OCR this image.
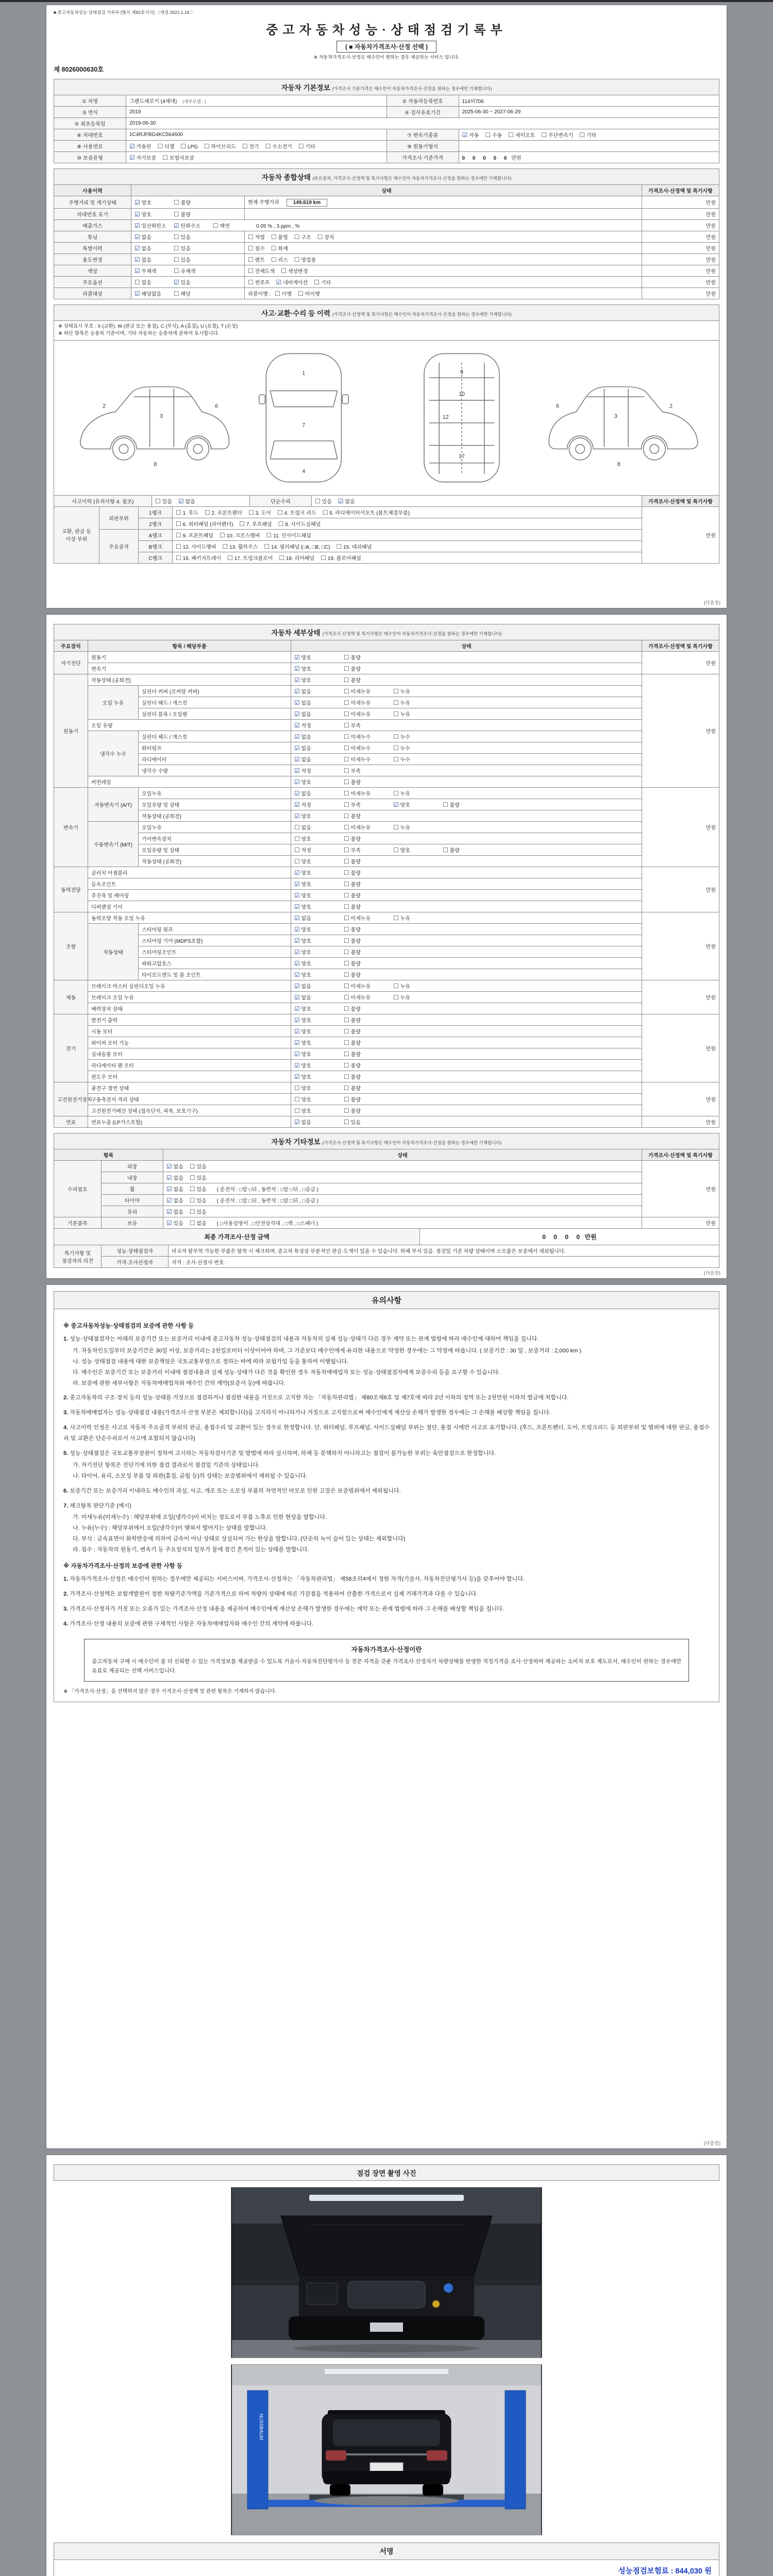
■ 중고자동차성능·상태점검 기록부 [별지 제82호서식] 〈개정 2021.1.19.〉
중고자동차성능·상태점검기록부
( ■ 자동차가격조사·산정 선택 )
※ 자동차가격조사·산정은 매수인이 원하는 경우 제공하는 서비스 입니다.
제 8026000630호
자동차 기본정보 (가격조사 기준가격은 매수인이 자동차가격조사·산정을 원하는 경우에만 기재합니다)
① 차명	그랜드체로키 (4세대) (세부모델 : )	② 자동차등록번호	114허706
③ 연식	2019	④ 검사유효기간	2025-06-30 ~ 2027-06-29
⑤ 최초등록일	2019-06-30		
⑥ 차대번호	1C4RJFBG4KC564600	⑦ 변속기종류	☑ 자동 ☐ 수동 ☐ 세미오토 ☐ 무단변속기 ☐ 기타
⑧ 사용연료	☑ 가솔린 ☐ 디젤 ☐ LPG ☐ 하이브리드 ☐ 전기 ☐ 수소전기 ☐ 기타	⑨ 원동기형식	
⑩ 보증유형	☑ 자가보증 ☐ 보험사보증	가격조사 기준가격	0 0 0 0 0 만원
자동차 종합상태 (주요장치, 가격조사·산정액 및 특기사항은 매수인이 자동차가격조사·산정을 원하는 경우에만 기재합니다)
사용이력	상태		가격조사·산정액 및 특기사항
주행거리 및 계기상태	☑ 양호 ☐ 불량	현재 주행거리 149,619 km	만원
차대번호 표기	☑ 양호 ☐ 불량		만원
배출가스	☑ 일산화탄소 ☑ 탄화수소 ☐ 매연 0.05 % , 3 ppm , %		만원
튜닝	☑ 없음 ☐ 있음	☐ 적법 ☐ 불법 ☐ 구조 ☐ 장치	만원
특별이력	☑ 없음 ☐ 있음	☐ 침수 ☐ 화재	만원
용도변경	☑ 없음 ☐ 있음	☐ 렌트 ☐ 리스 ☐ 영업용	만원
색상	☑ 무채색 ☐ 유채색	☐ 전체도색 ☐ 색상변경	만원
주요옵션	☐ 없음 ☑ 있음	☐ 썬루프 ☑ 네비게이션 ☐ 기타	만원
리콜대상	☑ 해당없음 ☐ 해당	리콜이행 : ☐ 이행 ☐ 미이행	만원
사고·교환·수리 등 이력 (가격조사·산정액 및 특기사항은 매수인이 자동차가격조사·산정을 원하는 경우에만 기재합니다)
※ 상태표시 부호 : X (교환), W (판금 또는 용접), C (부식), A (흠집), U (요철), T (손상)
※ 하단 항목은 승용차 기준이며, 기타 자동차는 승용차에 준하여 표시합니다.
2
3
6
8
1
7
4
9
10
12
17
2
3
6
8
사고이력 (유의사항 4. 참조)	☐ 있음 ☑ 없음	단순수리	☐ 있음 ☑ 없음	가격조사·산정액 및 특기사항
교환, 판금 등 이상 부위	외판부위	1랭크	☐ 1. 후드 ☐ 2. 프론트펜더 ☐ 3. 도어 ☐ 4. 트렁크 리드 ☐ 5. 라디에이터서포트 (볼트체결부품)	만원
		2랭크	☐ 6. 쿼터패널 (리어펜더) ☐ 7. 루프패널 ☐ 8. 사이드실패널	
	주요골격	A랭크	☐ 9. 프론트패널 ☐ 10. 크로스멤버 ☐ 11. 인사이드패널	
		B랭크	☐ 12. 사이드멤버 ☐ 13. 휠하우스 ☐ 14. 필러패널 (□A, □B, □C) ☐ 15. 대쉬패널	
		C랭크	☐ 16. 패키지트레이 ☐ 17. 트렁크플로어 ☐ 18. 리어패널 ☐ 19. 플로어패널	
(다음장)
자동차 세부상태 (가격조사·산정액 및 특기사항은 매수인이 자동차가격조사·산정을 원하는 경우에만 기재합니다)
주요장치	항목 / 해당부품		상태	가격조사·산정액 및 특기사항
자기진단	원동기		☑ 양호 ☐ 불량	만원
	변속기		☑ 양호 ☐ 불량	
원동기	작동상태 (공회전)		☑ 양호 ☐ 불량	만원
	오일 누유	실린더 커버 (로커암 커버)	☑ 없음 ☐ 미세누유 ☐ 누유	
		실린더 헤드 / 개스킷	☑ 없음 ☐ 미세누유 ☐ 누유	
		실린더 블록 / 오일팬	☑ 없음 ☐ 미세누유 ☐ 누유	
	오일 유량		☑ 적정 ☐ 부족	
	냉각수 누수	실린더 헤드 / 개스킷	☑ 없음 ☐ 미세누수 ☐ 누수	
		워터펌프	☑ 없음 ☐ 미세누수 ☐ 누수	
		라디에이터	☑ 없음 ☐ 미세누수 ☐ 누수	
		냉각수 수량	☑ 적정 ☐ 부족	
	커먼레일		☑ 양호 ☐ 불량	
변속기	자동변속기 (A/T)	오일누유	☑ 없음 ☐ 미세누유 ☐ 누유	만원
		오일유량 및 상태	☑ 적정 ☐ 부족 ☑ 양호 ☐ 불량	
		작동상태 (공회전)	☑ 양호 ☐ 불량	
	수동변속기 (M/T)	오일누유	☐ 없음 ☐ 미세누유 ☐ 누유	
		기어변속장치	☐ 양호 ☐ 불량	
		오일유량 및 상태	☐ 적정 ☐ 부족 ☐ 양호 ☐ 불량	
		작동상태 (공회전)	☐ 양호 ☐ 불량	
동력전달	클러치 어셈블리		☑ 양호 ☐ 불량	만원
	등속조인트		☑ 양호 ☐ 불량	
	추진축 및 베어링		☑ 양호 ☐ 불량	
	디퍼렌셜 기어		☑ 양호 ☐ 불량	
조향	동력조향 작동 오일 누유		☑ 없음 ☐ 미세누유 ☐ 누유	만원
	작동상태	스티어링 펌프	☑ 양호 ☐ 불량	
		스티어링 기어 (MDPS포함)	☑ 양호 ☐ 불량	
		스티어링조인트	☑ 양호 ☐ 불량	
		파워고압호스	☑ 양호 ☐ 불량	
		타이로드엔드 및 볼 조인트	☑ 양호 ☐ 불량	
제동	브레이크 마스터 실린더오일 누유		☑ 없음 ☐ 미세누유 ☐ 누유	만원
	브레이크 오일 누유		☑ 없음 ☐ 미세누유 ☐ 누유	
	배력장치 상태		☑ 양호 ☐ 불량	
전기	발전기 출력		☑ 양호 ☐ 불량	만원
	시동 모터		☑ 양호 ☐ 불량	
	와이퍼 모터 기능		☑ 양호 ☐ 불량	
	실내송풍 모터		☑ 양호 ☐ 불량	
	라디에이터 팬 모터		☑ 양호 ☐ 불량	
	윈도우 모터		☑ 양호 ☐ 불량	
고전원전기장치	충전구 절연 상태		☐ 양호 ☐ 불량	만원
	구동축전지 격리 상태		☐ 양호 ☐ 불량	
	고전원전기배선 상태 (접속단자, 피복, 보호기구)		☐ 양호 ☐ 불량	
연료	연료누출 (LP가스포함)		☑ 없음 ☐ 있음	만원
자동차 기타정보 (가격조사·산정액 및 특기사항은 매수인이 자동차가격조사·산정을 원하는 경우에만 기재합니다)
항목		상태	가격조사·산정액 및 특기사항
수리필요	외장	☑ 없음 ☐ 있음	만원
	내장	☑ 없음 ☐ 있음	
	휠	☑ 없음 ☐ 있음 ( 운전석 : □앞 □뒤 , 동반석 : □앞 □뒤 , □응급 )	
	타이어	☑ 없음 ☐ 있음 ( 운전석 : □앞 □뒤 , 동반석 : □앞 □뒤 , □응급 )	
	유리	☑ 없음 ☐ 있음	
기본품목	보유	☑ 있음 ☐ 없음 ( □사용설명서 , □안전삼각대 , □잭 , □스패너 )	만원
최종 가격조사·산정 금액	0 0 0 0 만원
특기사항 및 점검자의 의견	성능·상태점검자	비교적 탈부착 가능한 부품은 탈착 시 체크하며, 중고차 특성상 부분적인 판금·도색이 있을 수 있습니다. 하체 부식 있음. 점검일 기준 차량 상태이며 소모품은 보증에서 제외됩니다.
	가격·조사산정자	자격 : 조사·산정사 번호 :
(다음장)
유의사항
※ 중고자동차성능·상태점검의 보증에 관한 사항 등
1. 성능·상태점검자는 아래의 보증기간 또는 보증거리 이내에 중고자동차 성능·상태점검의 내용과 자동차의 실제 성능·상태가 다른 경우 계약 또는 관계 법령에 따라 매수인에 대하여 책임을 집니다.
가. 자동차인도일부터 보증기간은 30일 이상, 보증거리는 2천킬로미터 이상이어야 하며, 그 기준보다 매수인에게 유리한 내용으로 약정한 경우에는 그 약정에 따릅니다. ( 보증기간 : 30 일 , 보증거리 : 2,000 km )
나. 성능·상태점검 내용에 대한 보증책임은 국토교통부령으로 정하는 바에 따라 보험가입 등을 통하여 이행됩니다.
다. 매수인은 보증기간 또는 보증거리 이내에 점검내용과 실제 성능·상태가 다른 것을 확인한 경우 자동차매매업자 또는 성능·상태점검자에게 보증수리 등을 요구할 수 있습니다.
라. 보증에 관한 세부사항은 자동차매매업자와 매수인 간의 계약(보증서 등)에 따릅니다.
2. 중고자동차의 구조·장치 등의 성능·상태를 거짓으로 점검하거나 점검한 내용을 거짓으로 고지한 자는 「자동차관리법」 제80조제6호 및 제7호에 따라 2년 이하의 징역 또는 2천만원 이하의 벌금에 처합니다.
3. 자동차매매업자는 성능·상태점검 내용(가격조사·산정 부분은 제외합니다)을 고지하지 아니하거나 거짓으로 고지함으로써 매수인에게 재산상 손해가 발생한 경우에는 그 손해를 배상할 책임을 집니다.
4. 사고이력 인정은 사고로 자동차 주요골격 부위의 판금, 용접수리 및 교환이 있는 경우로 한정합니다. 단, 쿼터패널, 루프패널, 사이드실패널 부위는 절단, 용접 시에만 사고로 표기합니다. (후드, 프론트펜더, 도어, 트렁크리드 등 외판부위 및 범퍼에 대한 판금, 용접수리 및 교환은 단순수리로서 사고에 포함되지 않습니다)
5. 성능·상태점검은 국토교통부장관이 정하여 고시하는 자동차검사기준 및 방법에 따라 실시하며, 하체 등 분해하지 아니하고는 점검이 불가능한 부위는 육안점검으로 한정합니다.
가. 자기진단 항목은 진단기에 의한 점검 결과로서 점검일 기준의 상태입니다.
나. 타이어, 유리, 소모성 부품 및 외관(흠집, 긁힘 등)의 상태는 보증범위에서 제외될 수 있습니다.
6. 보증기간 또는 보증거리 이내라도 매수인의 과실, 사고, 개조 또는 소모성 부품의 자연적인 마모로 인한 고장은 보증범위에서 제외됩니다.
7. 체크항목 판단기준 (예시)
가. 미세누유(미세누수) : 해당부위에 오일(냉각수)이 비치는 정도로서 부품 노후로 인한 현상을 말합니다.
나. 누유(누수) : 해당부위에서 오일(냉각수)이 맺혀서 떨어지는 상태를 말합니다.
다. 부식 : 금속표면이 화학반응에 의하여 금속이 아닌 상태로 상실되어 가는 현상을 말합니다. (단순히 녹이 슬어 있는 상태는 제외합니다)
라. 침수 : 자동차의 원동기, 변속기 등 주요장치의 일부가 물에 잠긴 흔적이 있는 상태를 말합니다.
※ 자동차가격조사·산정의 보증에 관한 사항 등
1. 자동차가격조사·산정은 매수인이 원하는 경우에만 제공되는 서비스이며, 가격조사·산정자는 「자동차관리법」 제58조의4에서 정한 자격(기술사, 자동차진단평가사 등)을 갖추어야 합니다.
2. 가격조사·산정액은 보험개발원이 정한 차량기준가액을 기준가격으로 하여 차량의 상태에 따른 가감점을 적용하여 산출한 가격으로서 실제 거래가격과 다를 수 있습니다.
3. 가격조사·산정자가 거짓 또는 오류가 있는 가격조사·산정 내용을 제공하여 매수인에게 재산상 손해가 발생한 경우에는 계약 또는 관계 법령에 따라 그 손해를 배상할 책임을 집니다.
4. 가격조사·산정 내용의 보증에 관한 구체적인 사항은 자동차매매업자와 매수인 간의 계약에 따릅니다.
자동차가격조사·산정이란
중고자동차 구매 시 매수인이 좀 더 신뢰할 수 있는 가격정보를 제공받을 수 있도록 기술사·자동차진단평가사 등 전문 자격을 갖춘 가격조사·산정자가 차량상태를 반영한 적정가격을 조사·산정하여 제공하는 소비자 보호 제도로서, 매수인이 원하는 경우에만 유료로 제공되는 선택 서비스입니다.
※ 「가격조사·산정」을 선택하지 않은 경우 가격조사·산정액 및 관련 항목은 기재하지 않습니다.
(다음장)
점검 장면 촬영 사진
NUSSBAUM
서명
성능점검보험료 : 844,030 원
